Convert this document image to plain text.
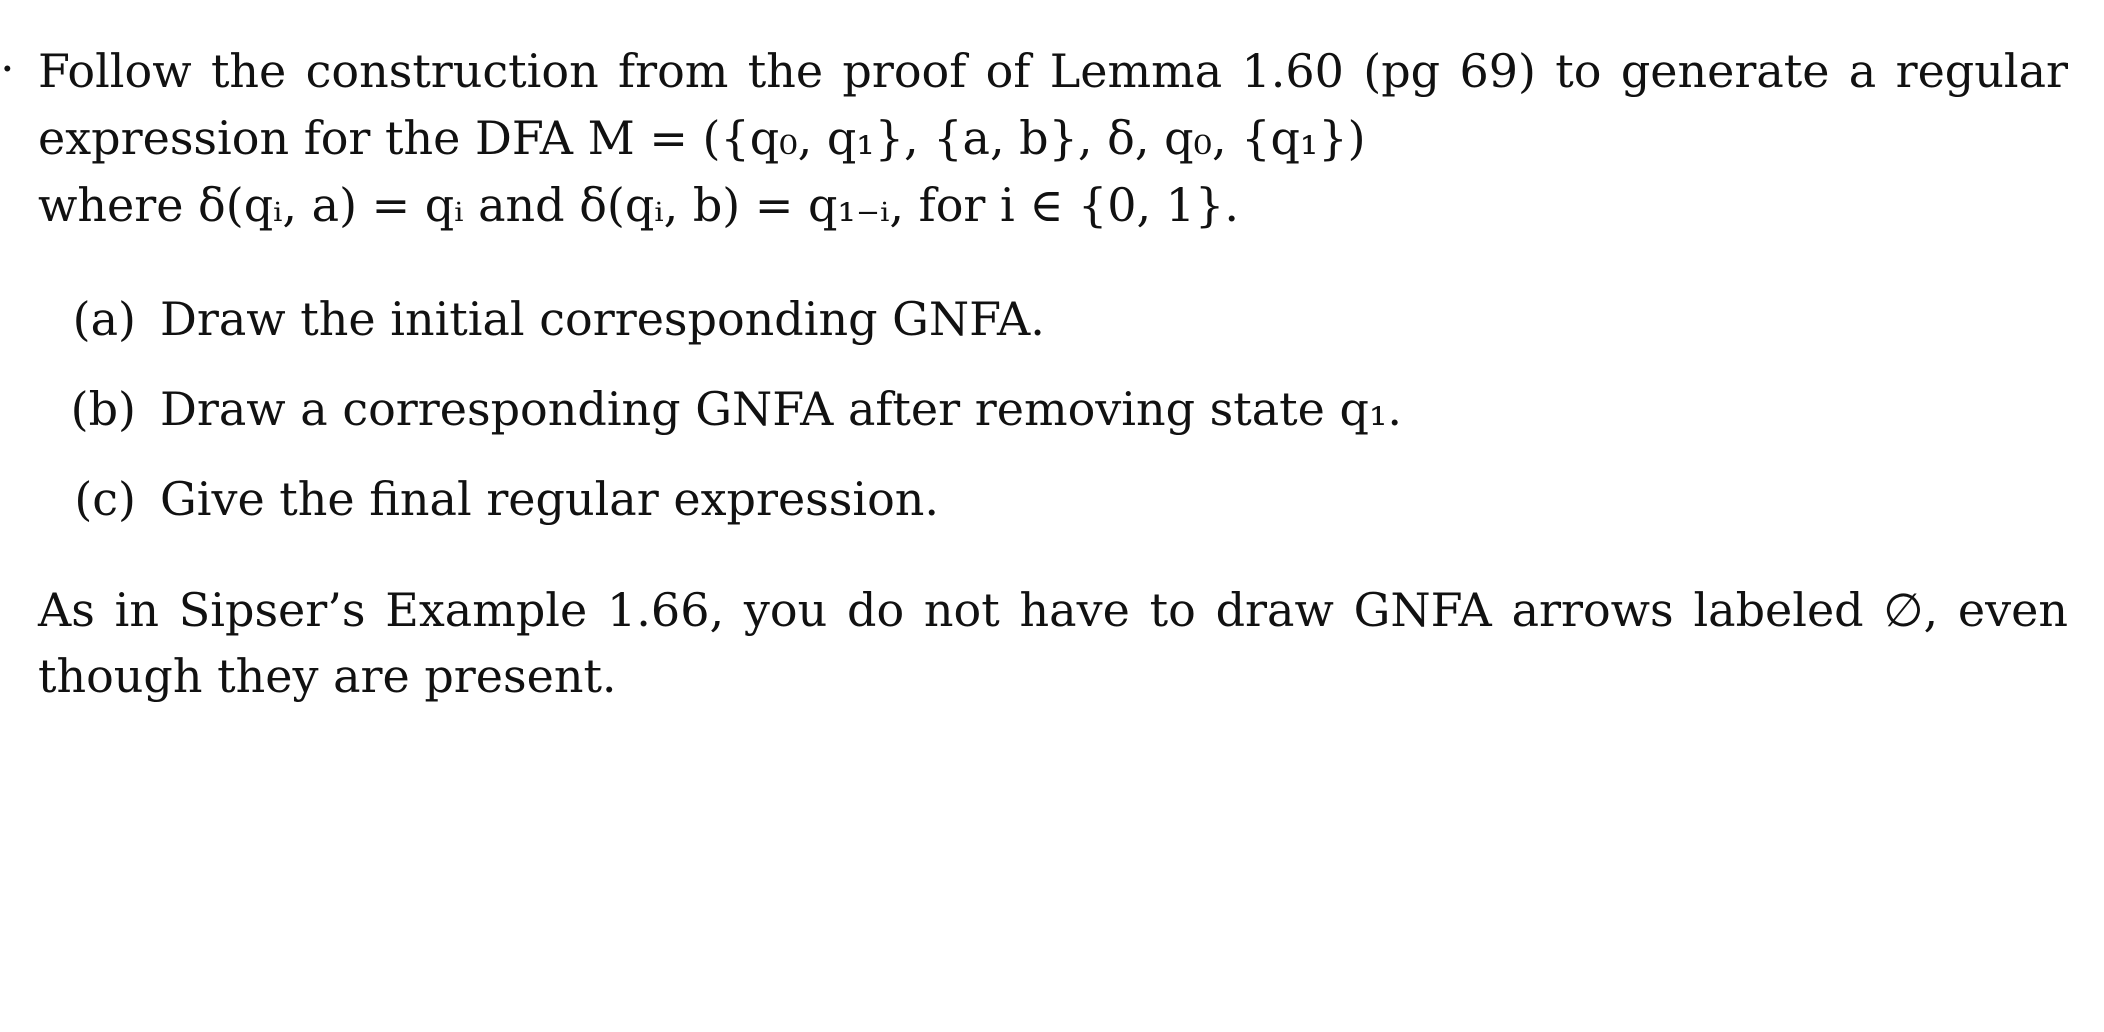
. Follow the construction from the proof of Lemma 1.60 (pg 69) to generate a regular
expression for the DFA M = ({q₀, q₁}, {a, b}, δ, q₀, {q₁})
where δ(qᵢ, a) = qᵢ and δ(qᵢ, b) = q₁₋ᵢ, for i ∈ {0, 1}.
(a) Draw the initial corresponding GNFA.
(b) Draw a corresponding GNFA after removing state q₁.
(c) Give the final regular expression.
As in Sipser’s Example 1.66, you do not have to draw GNFA arrows labeled ∅, even
though they are present.
